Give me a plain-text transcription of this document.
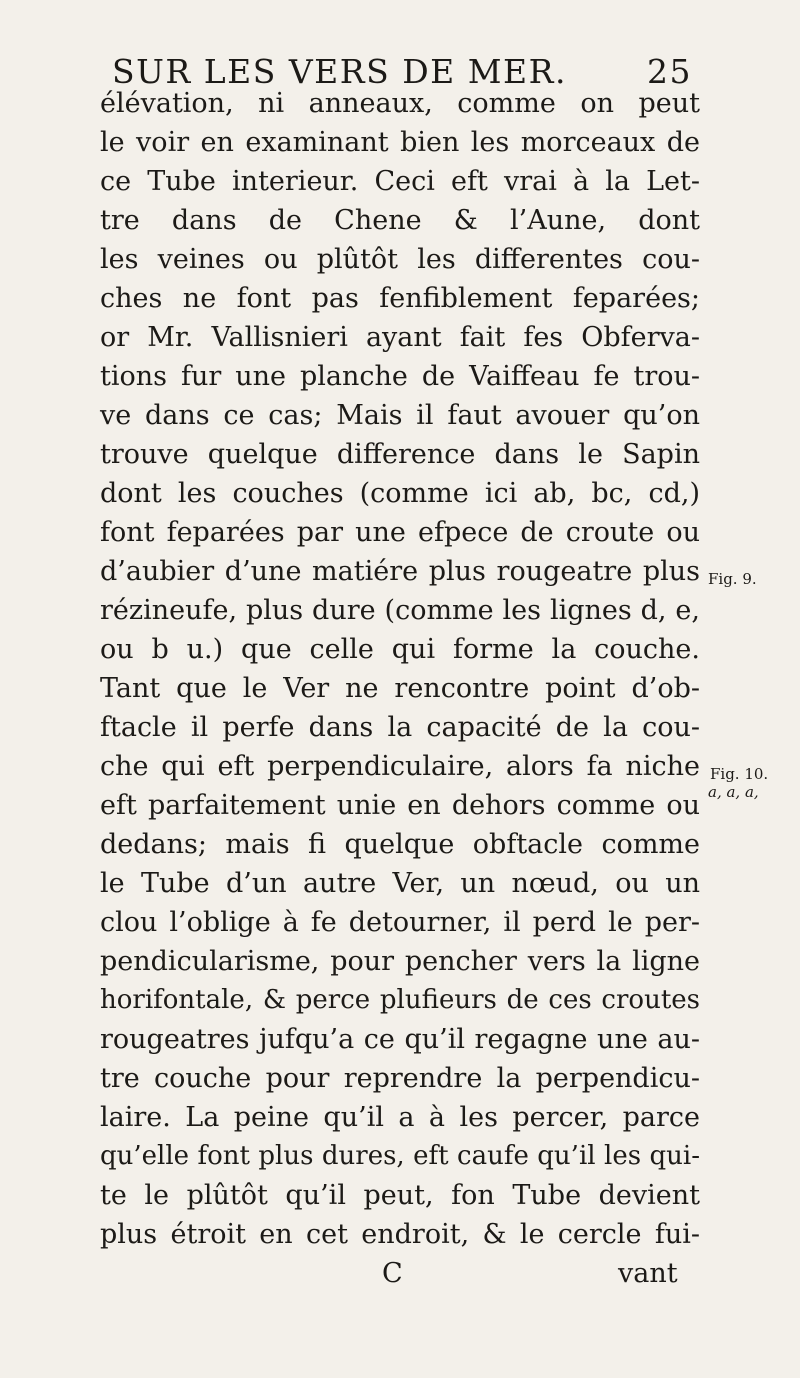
SUR LES VERS DE MER. 25
élévation, ni anneaux, comme on peut
le voir en examinant bien les morceaux de
ce Tube interieur. Ceci eft vrai à la Let-
tre dans de Chene & l’Aune, dont
les veines ou plûtôt les differentes cou-
ches ne font pas fenfiblement feparées;
or Mr. Vallisnieri ayant fait fes Obferva-
tions fur une planche de Vaiffeau fe trou-
ve dans ce cas; Mais il faut avouer qu’on
trouve quelque difference dans le Sapin
dont les couches (comme ici ab, bc, cd,)
font feparées par une efpece de croute ou
d’aubier d’une matiére plus rougeatre plus
rézineufe, plus dure (comme les lignes d, e,
ou b u.) que celle qui forme la couche.
Tant que le Ver ne rencontre point d’ob-
ftacle il perfe dans la capacité de la cou-
che qui eft perpendiculaire, alors fa niche
eft parfaitement unie en dehors comme ou
dedans; mais fi quelque obftacle comme
le Tube d’un autre Ver, un nœud, ou un
clou l’oblige à fe detourner, il perd le per-
pendicularisme, pour pencher vers la ligne
horifontale, & perce plufieurs de ces croutes
rougeatres jufqu’a ce qu’il regagne une au-
tre couche pour reprendre la perpendicu-
laire. La peine qu’il a à les percer, parce
qu’elle font plus dures, eft caufe qu’il les qui-
te le plûtôt qu’il peut, fon Tube devient
plus étroit en cet endroit, & le cercle fui-
C	vant
Fig. 9.
Fig. 10.
a, a, a,
